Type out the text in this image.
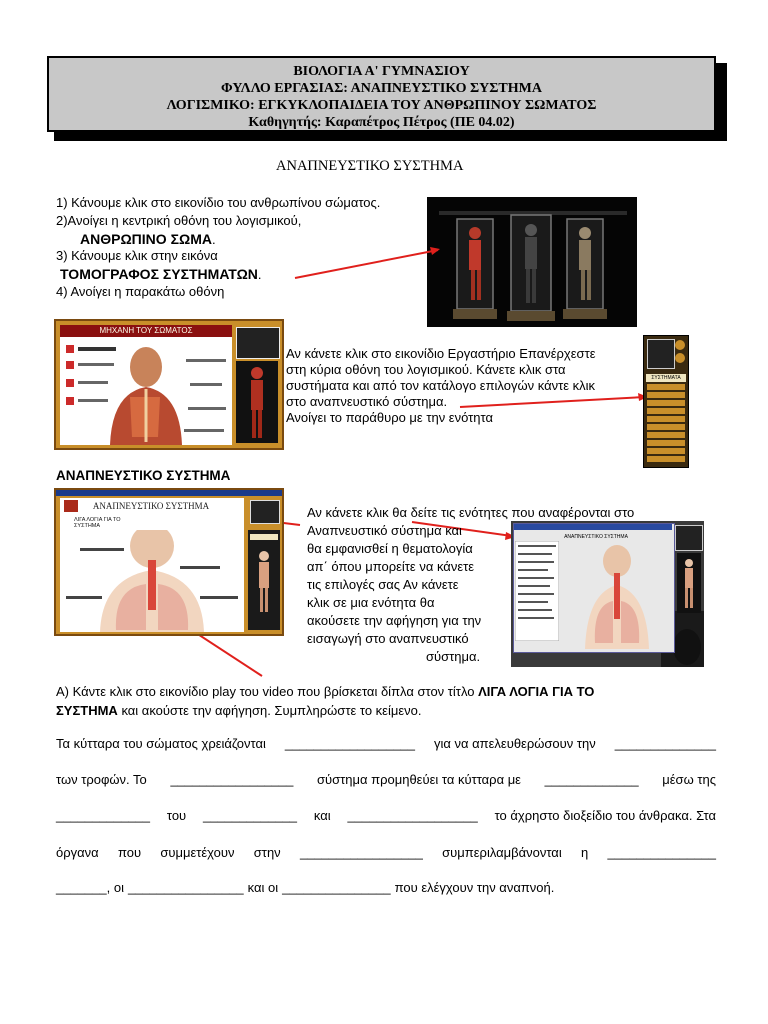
ΒΙΟΛΟΓΙΑ Α' ΓΥΜΝΑΣΙΟΥ
ΦΥΛΛΟ ΕΡΓΑΣΙΑΣ: ΑΝΑΠΝΕΥΣΤΙΚΟ ΣΥΣΤΗΜΑ
ΛΟΓΙΣΜΙΚΟ: ΕΓΚΥΚΛΟΠΑΙΔΕΙΑ ΤΟΥ ΑΝΘΡΩΠΙΝΟΥ ΣΩΜΑΤΟΣ
Καθηγητής: Καραπέτρος Πέτρος (ΠΕ 04.02)
ΑΝΑΠΝΕΥΣΤΙΚΟ ΣΥΣΤΗΜΑ
1) Κάνουμε κλικ στο εικονίδιο του ανθρωπίνου σώματος.
2)Ανοίγει η κεντρική οθόνη του λογισμικού,
ΑΝΘΡΩΠΙΝΟ ΣΩΜΑ.
3) Κάνουμε κλικ στην εικόνα
ΤΟΜΟΓΡΑΦΟΣ ΣΥΣΤΗΜΑΤΩΝ.
4) Ανοίγει η παρακάτω οθόνη
ΜΗΧΑΝΗ ΤΟΥ ΣΩΜΑΤΟΣ
Αν κάνετε κλικ στο εικονίδιο Εργαστήριο Επανέρχεστε
στη κύρια οθόνη του λογισμικού. Κάνετε κλικ στα
συστήματα και από τον κατάλογο επιλογών κάντε κλικ
στο αναπνευστικό σύστημα.
Ανοίγει το παράθυρο με την ενότητα
ΣΥΣΤΗΜΑΤΑ
ΑΝΑΠΝΕΥΣΤΙΚΟ ΣΥΣΤΗΜΑ
ΑΝΑΠΝΕΥΣΤΙΚΟ ΣΥΣΤΗΜΑ
ΛΙΓΑ ΛΟΓΙΑ ΓΙΑ ΤΟ ΣΥΣΤΗΜΑ
Αν κάνετε κλικ θα δείτε τις ενότητες που αναφέρονται στο
Αναπνευστικό σύστημα και
θα εμφανισθεί η θεματολογία
απ΄ όπου μπορείτε να κάνετε
τις επιλογές σας Αν κάνετε
κλικ σε μια ενότητα θα
ακούσετε την αφήγηση για την
εισαγωγή στο αναπνευστικό
σύστημα.
ΑΝΑΠΝΕΥΣΤΙΚΟ ΣΥΣΤΗΜΑ
Α) Κάντε κλικ στο εικονίδιο play του video που βρίσκεται δίπλα στον τίτλο ΛΙΓΑ ΛΟΓΙΑ ΓΙΑ ΤΟ
ΣΥΣΤΗΜΑ και ακούστε την αφήγηση. Συμπληρώστε το κείμενο.
Τα κύτταρα του σώματος χρειάζονται __________________ για να απελευθερώσουν την ______________
των τροφών. Το _________________ σύστημα προμηθεύει τα κύτταρα με _____________ μέσω της
_____________ του _____________ και __________________ το άχρηστο διοξείδιο του άνθρακα. Στα
όργανα που συμμετέχουν στην _________________ συμπεριλαμβάνονται η _______________
_______, οι ________________ και οι _______________ που ελέγχουν την αναπνοή.
